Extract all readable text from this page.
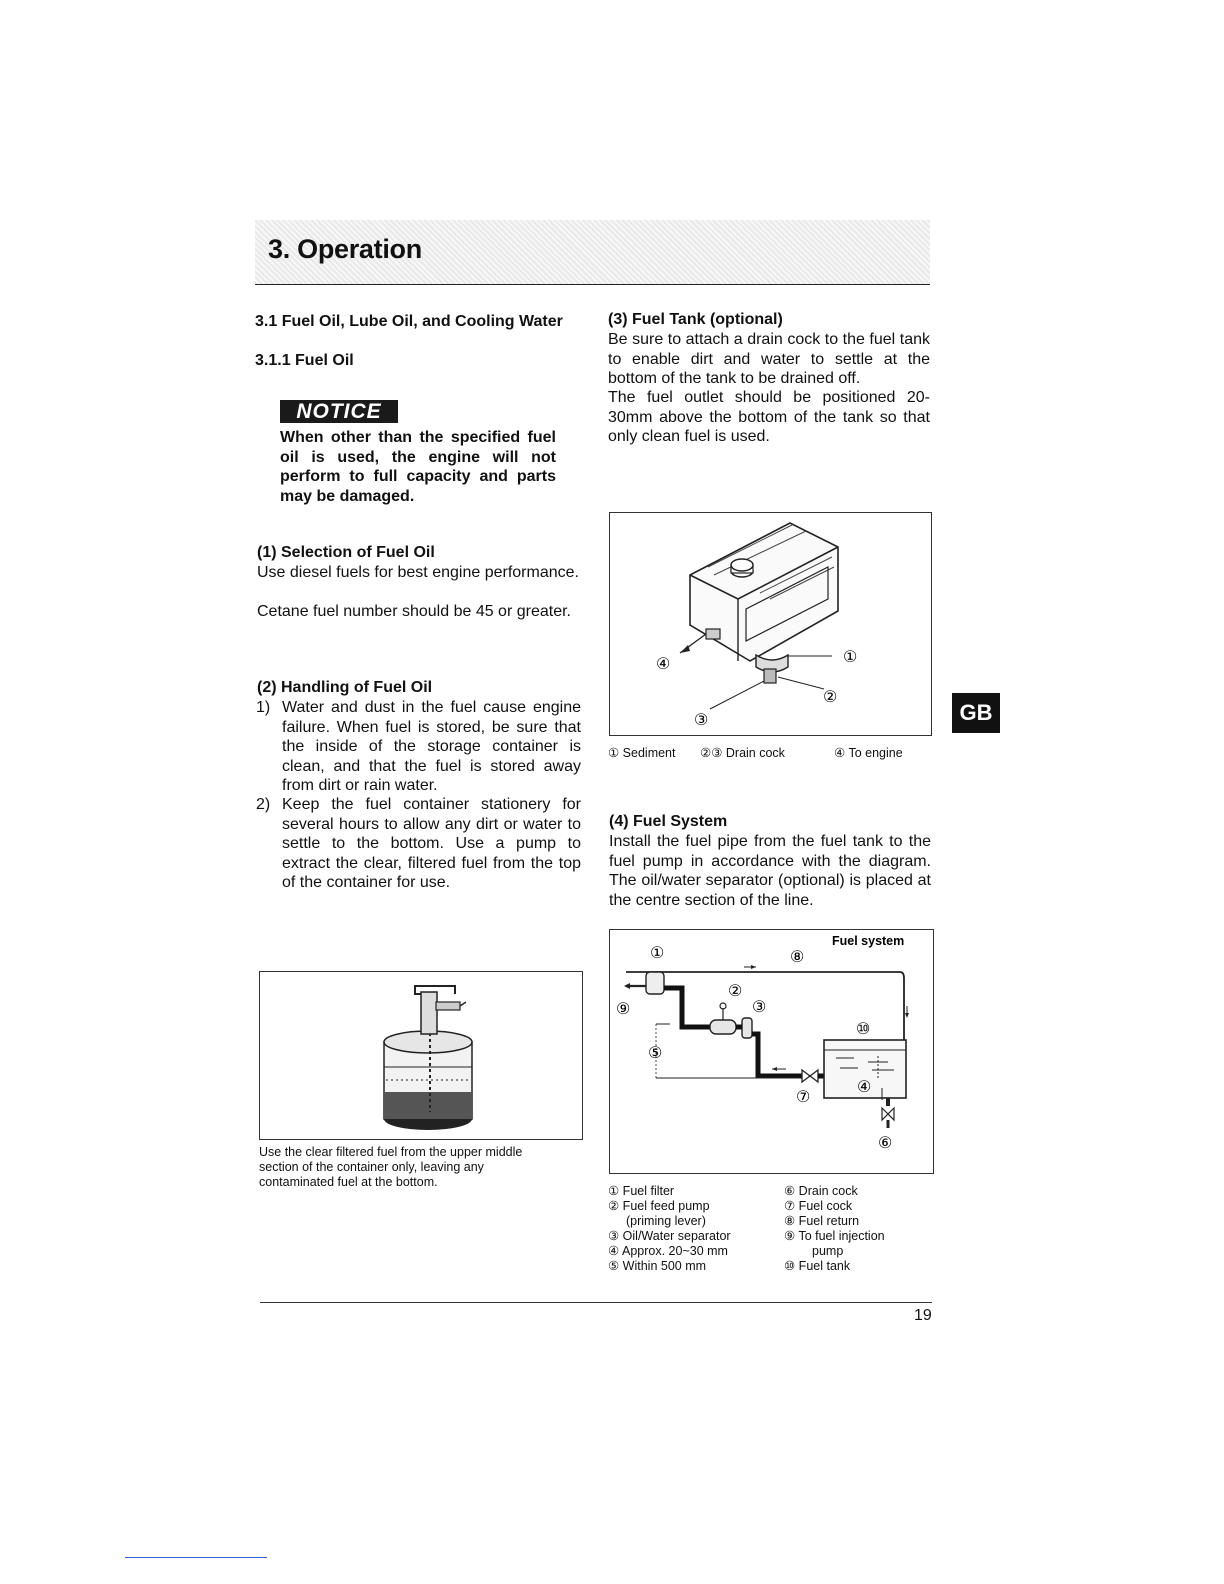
3. Operation
3.1 Fuel Oil, Lube Oil, and Cooling Water
3.1.1 Fuel Oil
NOTICE
When other than the specified fuel oil is used, the engine will not perform to full capacity and parts may be damaged.
(1) Selection of Fuel Oil
Use diesel fuels for best engine performance.
Cetane fuel number should be 45 or greater.
(2) Handling of Fuel Oil
1) Water and dust in the fuel cause engine failure. When fuel is stored, be sure that the inside of the storage container is clean, and that the fuel is stored away from dirt or rain water.
2) Keep the fuel container stationery for several hours to allow any dirt or water to settle to the bottom. Use a pump to extract the clear, filtered fuel from the top of the container for use.
Use the clear filtered fuel from the upper middle section of the container only, leaving any contaminated fuel at the bottom.
(3) Fuel Tank (optional)
Be sure to attach a drain cock to the fuel tank to enable dirt and water to settle at the bottom of the tank to be drained off.
The fuel outlet should be positioned 20-30mm above the bottom of the tank so that only clean fuel is used.
①
②
③
④
① Sediment ②③ Drain cock	④ To engine
(4) Fuel System
Install the fuel pipe from the fuel tank to the fuel pump in accordance with the diagram. The oil/water separator (optional) is placed at the centre section of the line.
Fuel system
①
②
③
④
⑤
⑥
⑦
⑧
⑨
⑩
① Fuel filter
② Fuel feed pump
(priming lever)
③ Oil/Water separator
④ Approx. 20~30 mm
⑤ Within 500 mm
⑥ Drain cock
⑦ Fuel cock
⑧ Fuel return
⑨ To fuel injection
pump
⑩ Fuel tank
GB
19
